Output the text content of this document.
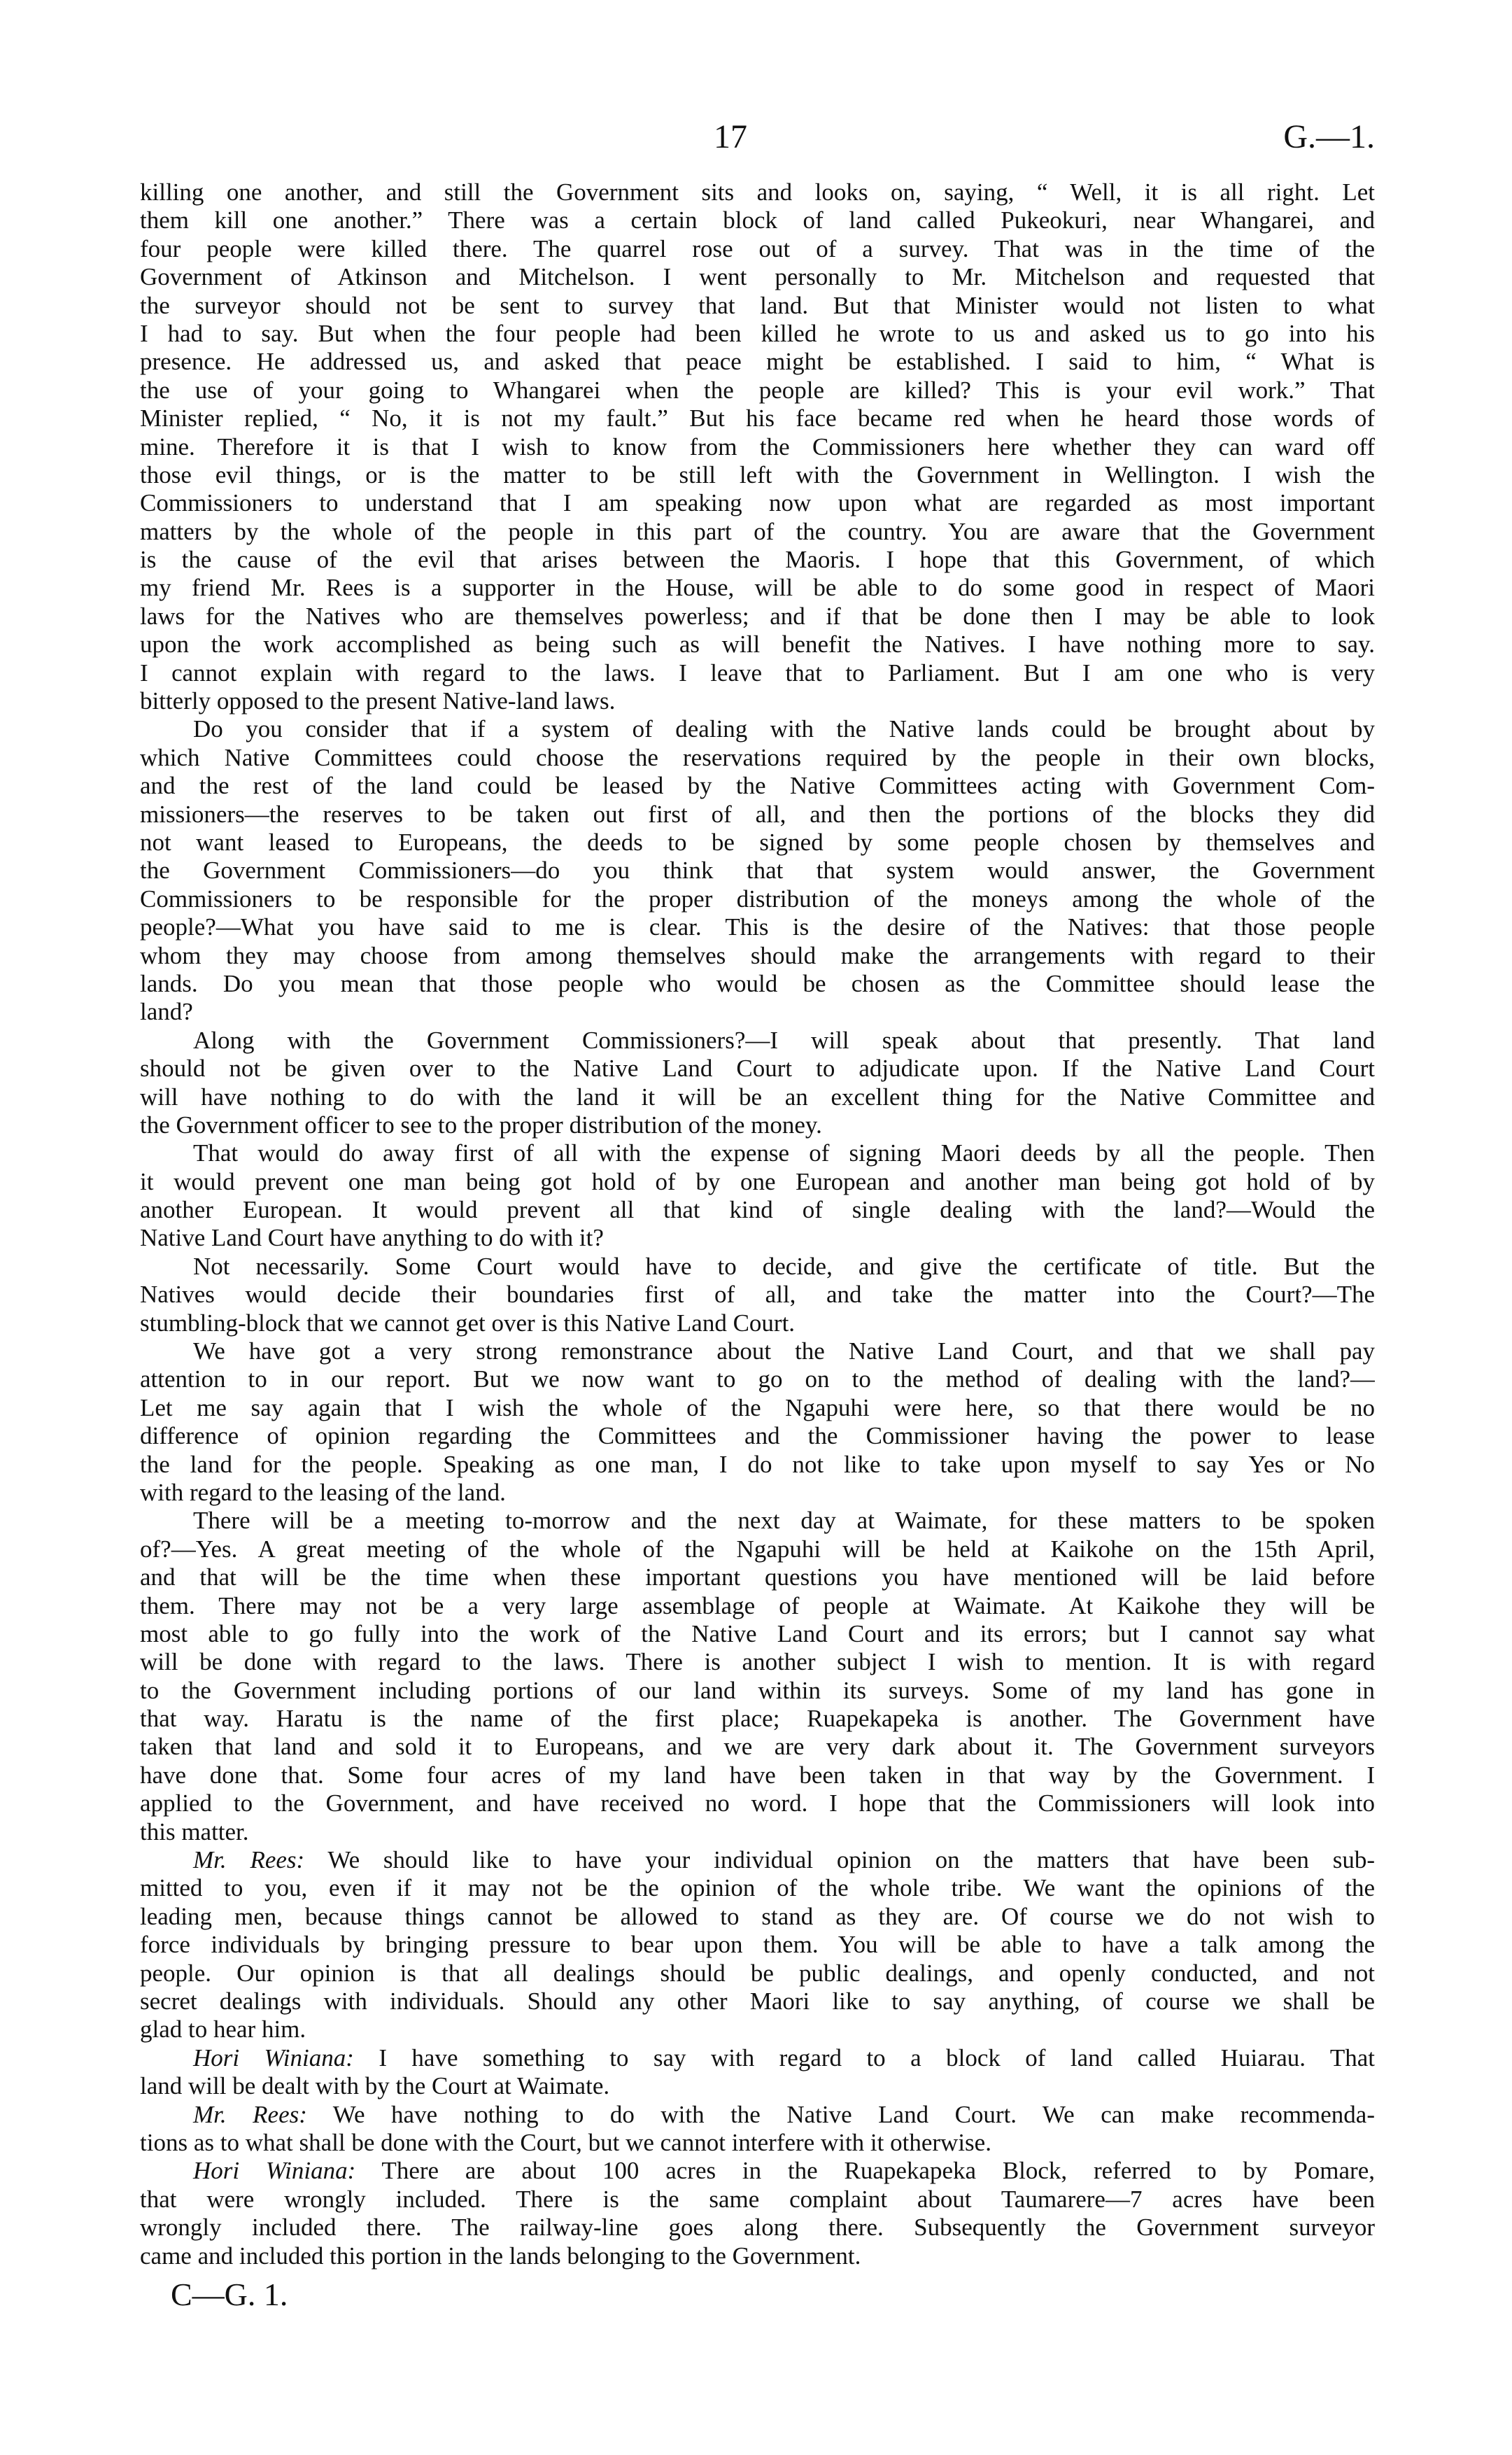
17	G.—1.
killing one another, and still the Government sits and looks on, saying, “ Well, it is all right. Let
them kill one another.” There was a certain block of land called Pukeokuri, near Whangarei, and
four people were killed there. The quarrel rose out of a survey. That was in the time of the
Government of Atkinson and Mitchelson. I went personally to Mr. Mitchelson and requested that
the surveyor should not be sent to survey that land. But that Minister would not listen to what
I had to say. But when the four people had been killed he wrote to us and asked us to go into his
presence. He addressed us, and asked that peace might be established. I said to him, “ What is
the use of your going to Whangarei when the people are killed? This is your evil work.” That
Minister replied, “ No, it is not my fault.” But his face became red when he heard those words of
mine. Therefore it is that I wish to know from the Commissioners here whether they can ward off
those evil things, or is the matter to be still left with the Government in Wellington. I wish the
Commissioners to understand that I am speaking now upon what are regarded as most important
matters by the whole of the people in this part of the country. You are aware that the Government
is the cause of the evil that arises between the Maoris. I hope that this Government, of which
my friend Mr. Rees is a supporter in the House, will be able to do some good in respect of Maori
laws for the Natives who are themselves powerless; and if that be done then I may be able to look
upon the work accomplished as being such as will benefit the Natives. I have nothing more to say.
I cannot explain with regard to the laws. I leave that to Parliament. But I am one who is very
bitterly opposed to the present Native-land laws.
Do you consider that if a system of dealing with the Native lands could be brought about by
which Native Committees could choose the reservations required by the people in their own blocks,
and the rest of the land could be leased by the Native Committees acting with Government Com-
missioners—the reserves to be taken out first of all, and then the portions of the blocks they did
not want leased to Europeans, the deeds to be signed by some people chosen by themselves and
the Government Commissioners—do you think that that system would answer, the Government
Commissioners to be responsible for the proper distribution of the moneys among the whole of the
people?—What you have said to me is clear. This is the desire of the Natives: that those people
whom they may choose from among themselves should make the arrangements with regard to their
lands. Do you mean that those people who would be chosen as the Committee should lease the
land?
Along with the Government Commissioners?—I will speak about that presently. That land
should not be given over to the Native Land Court to adjudicate upon. If the Native Land Court
will have nothing to do with the land it will be an excellent thing for the Native Committee and
the Government officer to see to the proper distribution of the money.
That would do away first of all with the expense of signing Maori deeds by all the people. Then
it would prevent one man being got hold of by one European and another man being got hold of by
another European. It would prevent all that kind of single dealing with the land?—Would the
Native Land Court have anything to do with it?
Not necessarily. Some Court would have to decide, and give the certificate of title. But the
Natives would decide their boundaries first of all, and take the matter into the Court?—The
stumbling-block that we cannot get over is this Native Land Court.
We have got a very strong remonstrance about the Native Land Court, and that we shall pay
attention to in our report. But we now want to go on to the method of dealing with the land?—
Let me say again that I wish the whole of the Ngapuhi were here, so that there would be no
difference of opinion regarding the Committees and the Commissioner having the power to lease
the land for the people. Speaking as one man, I do not like to take upon myself to say Yes or No
with regard to the leasing of the land.
There will be a meeting to-morrow and the next day at Waimate, for these matters to be spoken
of?—Yes. A great meeting of the whole of the Ngapuhi will be held at Kaikohe on the 15th April,
and that will be the time when these important questions you have mentioned will be laid before
them. There may not be a very large assemblage of people at Waimate. At Kaikohe they will be
most able to go fully into the work of the Native Land Court and its errors; but I cannot say what
will be done with regard to the laws. There is another subject I wish to mention. It is with regard
to the Government including portions of our land within its surveys. Some of my land has gone in
that way. Haratu is the name of the first place; Ruapekapeka is another. The Government have
taken that land and sold it to Europeans, and we are very dark about it. The Government surveyors
have done that. Some four acres of my land have been taken in that way by the Government. I
applied to the Government, and have received no word. I hope that the Commissioners will look into
this matter.
Mr. Rees: We should like to have your individual opinion on the matters that have been sub-
mitted to you, even if it may not be the opinion of the whole tribe. We want the opinions of the
leading men, because things cannot be allowed to stand as they are. Of course we do not wish to
force individuals by bringing pressure to bear upon them. You will be able to have a talk among the
people. Our opinion is that all dealings should be public dealings, and openly conducted, and not
secret dealings with individuals. Should any other Maori like to say anything, of course we shall be
glad to hear him.
Hori Winiana: I have something to say with regard to a block of land called Huiarau. That
land will be dealt with by the Court at Waimate.
Mr. Rees: We have nothing to do with the Native Land Court. We can make recommenda-
tions as to what shall be done with the Court, but we cannot interfere with it otherwise.
Hori Winiana: There are about 100 acres in the Ruapekapeka Block, referred to by Pomare,
that were wrongly included. There is the same complaint about Taumarere—7 acres have been
wrongly included there. The railway-line goes along there. Subsequently the Government surveyor
came and included this portion in the lands belonging to the Government.
C—G. 1.
